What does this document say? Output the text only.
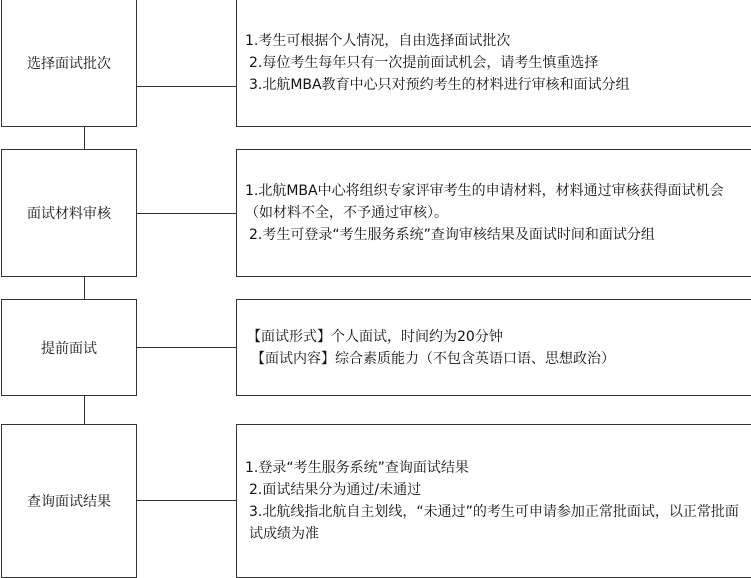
选择面试批次
1.考生可根据个人情况，自由选择面试批次
2.每位考生每年只有一次提前面试机会，请考生慎重选择
3.北航MBA教育中心只对预约考生的材料进行审核和面试分组
面试材料审核
1.北航MBA中心将组织专家评审考生的申请材料，材料通过审核获得面试机会（如材料不全，不予通过审核）。
2.考生可登录“考生服务系统”查询审核结果及面试时间和面试分组
提前面试
【面试形式】个人面试，时间约为20分钟
【面试内容】综合素质能力（不包含英语口语、思想政治）
查询面试结果
1.登录“考生服务系统”查询面试结果
2.面试结果分为通过/未通过
3.北航线指北航自主划线，“未通过”的考生可申请参加正常批面试，以正常批面试成绩为准
